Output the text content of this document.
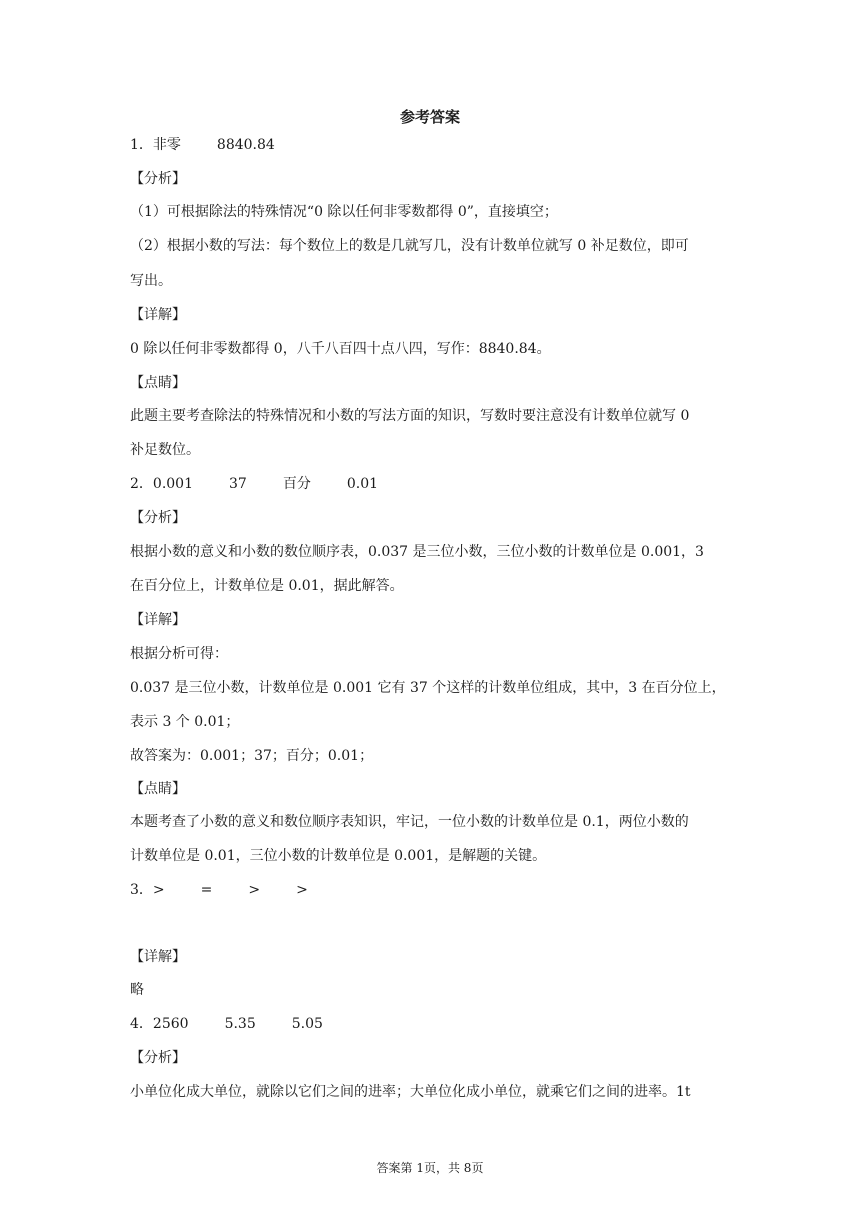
参考答案
1．非零	8840.84
【分析】
（1）可根据除法的特殊情况“0 除以任何非零数都得 0”，直接填空；
（2）根据小数的写法：每个数位上的数是几就写几，没有计数单位就写 0 补足数位，即可
写出。
【详解】
0 除以任何非零数都得 0，八千八百四十点八四，写作：8840.84。
【点睛】
此题主要考查除法的特殊情况和小数的写法方面的知识，写数时要注意没有计数单位就写 0
补足数位。
2．0.001	37	百分	0.01
【分析】
根据小数的意义和小数的数位顺序表，0.037 是三位小数，三位小数的计数单位是 0.001，3
在百分位上，计数单位是 0.01，据此解答。
【详解】
根据分析可得：
0.037 是三位小数，计数单位是 0.001 它有 37 个这样的计数单位组成，其中，3 在百分位上，
表示 3 个 0.01；
故答案为：0.001；37；百分；0.01；
【点睛】
本题考查了小数的意义和数位顺序表知识，牢记，一位小数的计数单位是 0.1，两位小数的
计数单位是 0.01，三位小数的计数单位是 0.001，是解题的关键。
3．>	=	>	>
【详解】
略
4．2560	5.35	5.05
【分析】
小单位化成大单位，就除以它们之间的进率；大单位化成小单位，就乘它们之间的进率。1t
答案第 1页，共 8页
